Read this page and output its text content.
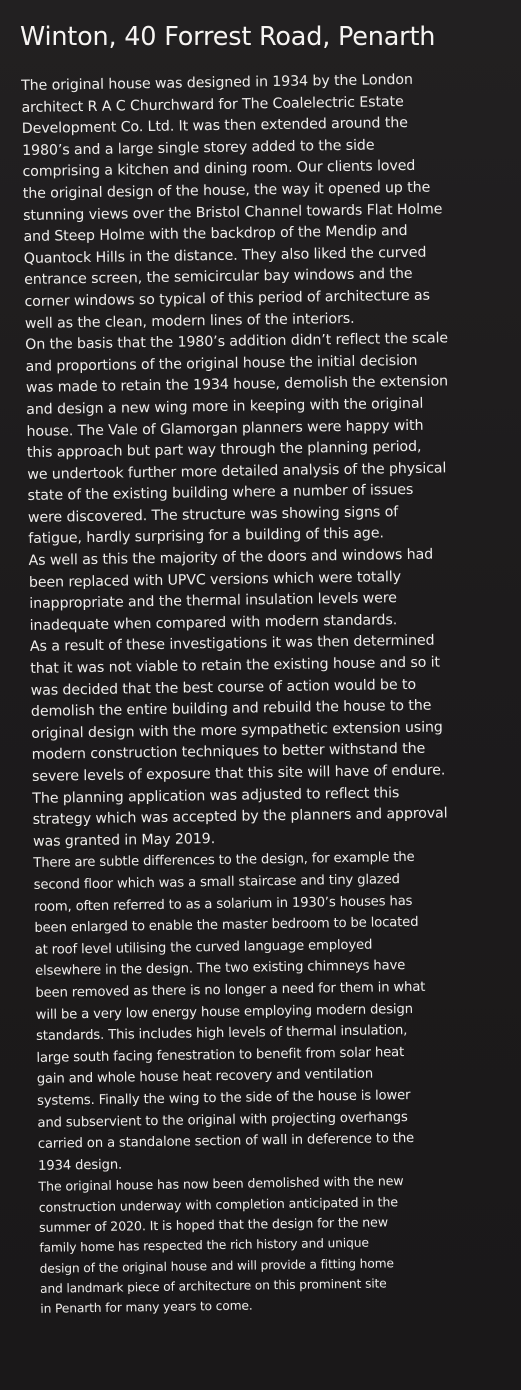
Winton, 40 Forrest Road, Penarth
The original house was designed in 1934 by the London
architect R A C Churchward for The Coalelectric Estate
Development Co. Ltd. It was then extended around the
1980’s and a large single storey added to the side
comprising a kitchen and dining room. Our clients loved
the original design of the house, the way it opened up the
stunning views over the Bristol Channel towards Flat Holme
and Steep Holme with the backdrop of the Mendip and
Quantock Hills in the distance. They also liked the curved
entrance screen, the semicircular bay windows and the
corner windows so typical of this period of architecture as
well as the clean, modern lines of the interiors.
On the basis that the 1980’s addition didn’t reflect the scale
and proportions of the original house the initial decision
was made to retain the 1934 house, demolish the extension
and design a new wing more in keeping with the original
house. The Vale of Glamorgan planners were happy with
this approach but part way through the planning period,
we undertook further more detailed analysis of the physical
state of the existing building where a number of issues
were discovered. The structure was showing signs of
fatigue, hardly surprising for a building of this age.
As well as this the majority of the doors and windows had
been replaced with UPVC versions which were totally
inappropriate and the thermal insulation levels were
inadequate when compared with modern standards.
As a result of these investigations it was then determined
that it was not viable to retain the existing house and so it
was decided that the best course of action would be to
demolish the entire building and rebuild the house to the
original design with the more sympathetic extension using
modern construction techniques to better withstand the
severe levels of exposure that this site will have of endure.
The planning application was adjusted to reflect this
strategy which was accepted by the planners and approval
was granted in May 2019.
There are subtle differences to the design, for example the
second floor which was a small staircase and tiny glazed
room, often referred to as a solarium in 1930’s houses has
been enlarged to enable the master bedroom to be located
at roof level utilising the curved language employed
elsewhere in the design. The two existing chimneys have
been removed as there is no longer a need for them in what
will be a very low energy house employing modern design
standards. This includes high levels of thermal insulation,
large south facing fenestration to benefit from solar heat
gain and whole house heat recovery and ventilation
systems. Finally the wing to the side of the house is lower
and subservient to the original with projecting overhangs
carried on a standalone section of wall in deference to the
1934 design.
The original house has now been demolished with the new
construction underway with completion anticipated in the
summer of 2020. It is hoped that the design for the new
family home has respected the rich history and unique
design of the original house and will provide a fitting home
and landmark piece of architecture on this prominent site
in Penarth for many years to come.
